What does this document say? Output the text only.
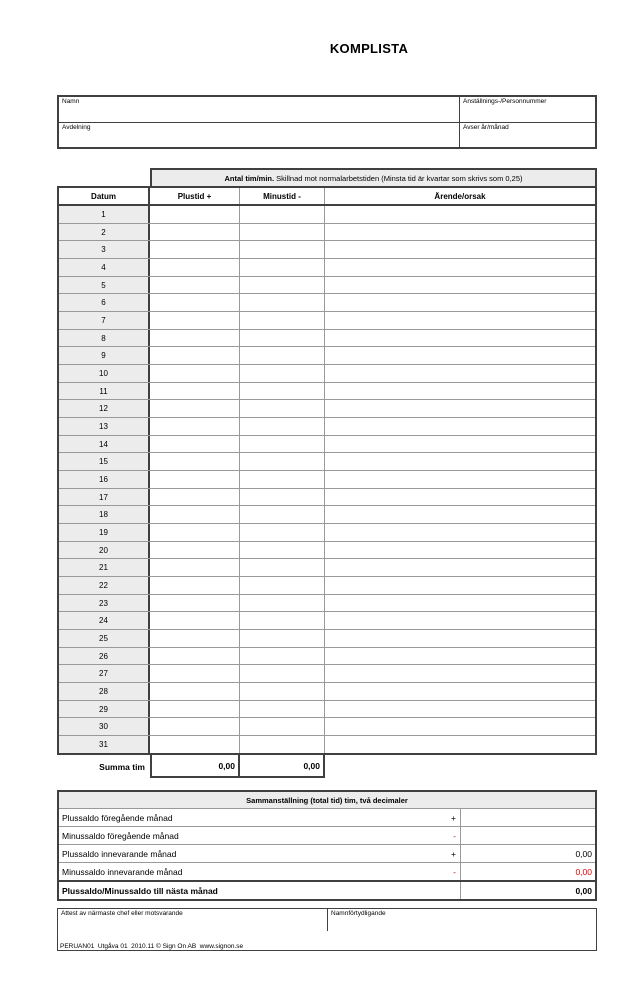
KOMPLISTA
Namn	Anställnings-/Personnummer
Avdelning	Avser år/månad
Antal tim/min. Skillnad mot normalarbetstiden (Minsta tid är kvartar som skrivs som 0,25)
Datum	Plustid +	Minustid -	Ärende/orsak
1
2
3
4
5
6
7
8
9
10
11
12
13
14
15
16
17
18
19
20
21
22
23
24
25
26
27
28
29
30
31
Summa tim	0,00	0,00
Sammanställning (total tid) tim, två decimaler
Plussaldo föregående månad	+
Minussaldo föregående månad	-
Plussaldo innevarande månad	+	0,00
Minussaldo innevarande månad	-	0,00
Plussaldo/Minussaldo till nästa månad	0,00
Attest av närmaste chef eller motsvarande	Namnförtydligande
PERUAN01  Utgåva 01  2010.11 © Sign On AB  www.signon.se
